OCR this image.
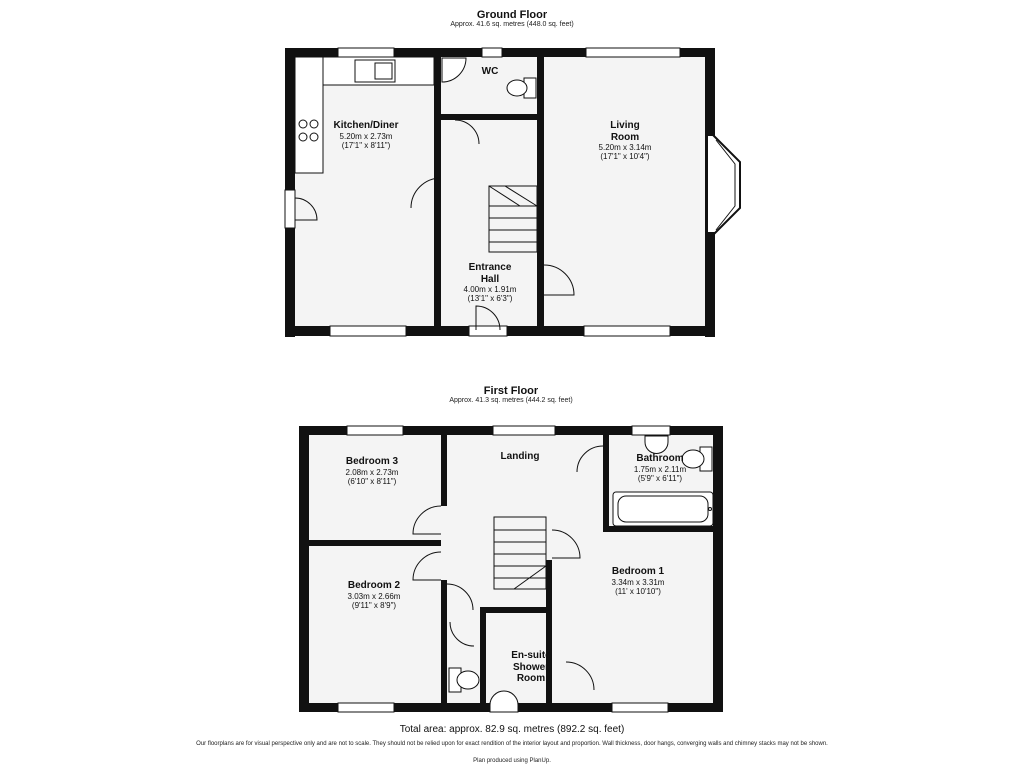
Ground Floor
Approx. 41.6 sq. metres (448.0 sq. feet)
Kitchen/Diner
5.20m x 2.73m
(17'1" x 8'11")
WC
Living
Room
5.20m x 3.14m
(17'1" x 10'4")
Entrance
Hall
4.00m x 1.91m
(13'1" x 6'3")
First Floor
Approx. 41.3 sq. metres (444.2 sq. feet)
Bedroom 3
2.08m x 2.73m
(6'10" x 8'11")
Landing	Bathroom
1.75m x 2.11m
(5'9" x 6'11")
Bedroom 2
3.03m x 2.66m
(9'11" x 8'9")
Bedroom 1
3.34m x 3.31m
(11' x 10'10")
En-suite
Shower
Room
Total area: approx. 82.9 sq. metres (892.2 sq. feet)
Our floorplans are for visual perspective only and are not to scale. They should not be relied upon for exact rendition of the interior layout and proportion. Wall thickness, door hangs, converging walls and chimney stacks may not be shown.
Plan produced using PlanUp.
